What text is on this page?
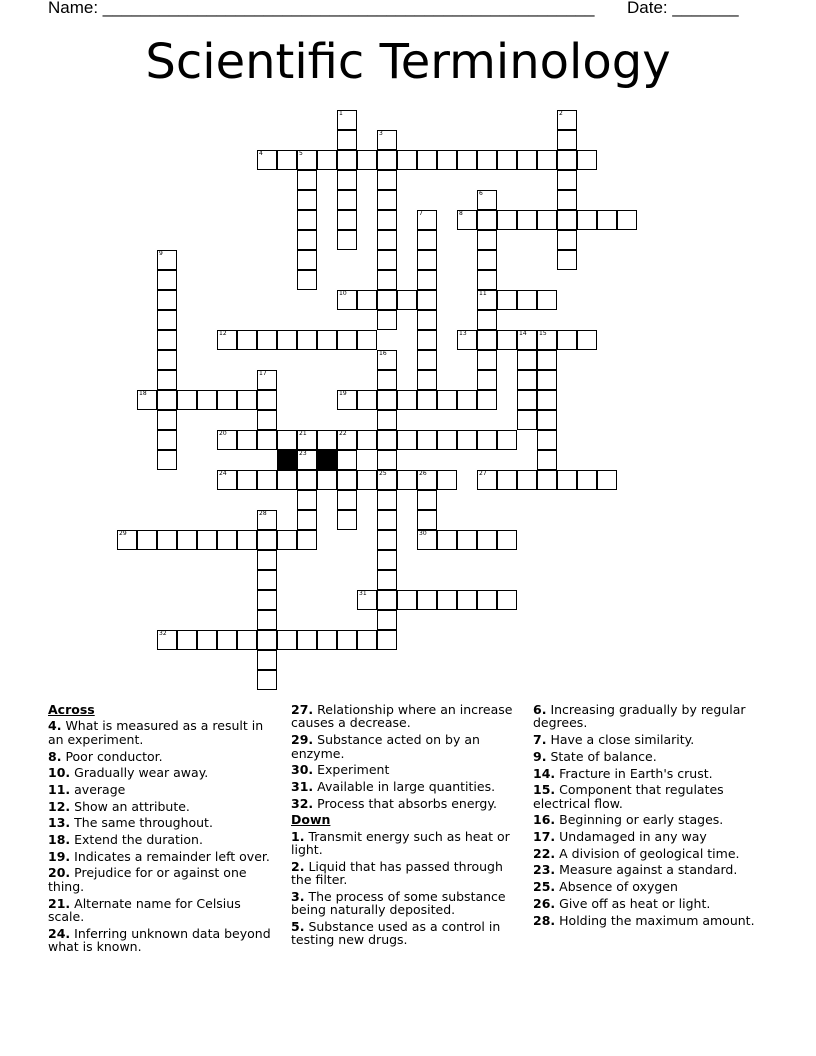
Name: ____________________________________________________ Date: _______
Scientific Terminology
4
8
10	11
12	13
18	19
20	21
24	27
29	30
31
32
1	2
3
5
6
7
9
14 15
16
17
22
23
25	26
28
Across
4. What is measured as a result in an experiment.
8. Poor conductor.
10. Gradually wear away.
11. average
12. Show an attribute.
13. The same throughout.
18. Extend the duration.
19. Indicates a remainder left over.
20. Prejudice for or against one thing.
21. Alternate name for Celsius scale.
24. Inferring unknown data beyond what is known.
27. Relationship where an increase causes a decrease.
29. Substance acted on by an enzyme.
30. Experiment
31. Available in large quantities.
32. Process that absorbs energy.
Down
1. Transmit energy such as heat or light.
2. Liquid that has passed through the filter.
3. The process of some substance being naturally deposited.
5. Substance used as a control in testing new drugs.
6. Increasing gradually by regular degrees.
7. Have a close similarity.
9. State of balance.
14. Fracture in Earth's crust.
15. Component that regulates electrical flow.
16. Beginning or early stages.
17. Undamaged in any way
22. A division of geological time.
23. Measure against a standard.
25. Absence of oxygen
26. Give off as heat or light.
28. Holding the maximum amount.
